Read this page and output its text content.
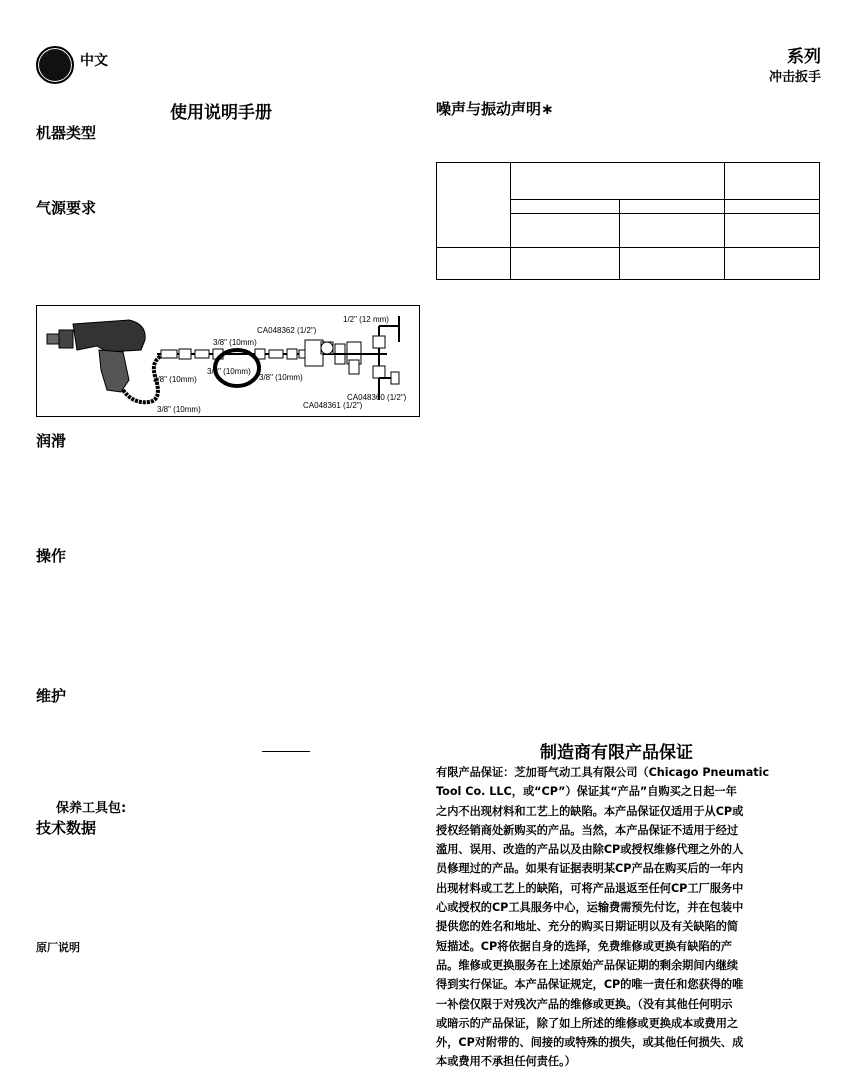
中文	系列
冲击扳手
使用说明手册
机器类型
气源要求
CA048362 (1/2")
1/2" (12 mm)
3/8" (10mm)
3/8" (10mm)
3/8" (10mm)
3/8" (10mm)
CA048360 (1/2")
CA048361 (1/2")
3/8" (10mm)
润滑
操作
维护
保养工具包:
技术数据
原厂说明
噪声与振动声明∗
制造商有限产品保证
有限产品保证：芝加哥气动工具有限公司（Chicago Pneumatic
Tool Co. LLC，或“CP”）保证其“产品”自购买之日起一年
之内不出现材料和工艺上的缺陷。本产品保证仅适用于从CP或
授权经销商处新购买的产品。当然，本产品保证不适用于经过
滥用、误用、改造的产品以及由除CP或授权维修代理之外的人
员修理过的产品。如果有证据表明某CP产品在购买后的一年内
出现材料或工艺上的缺陷，可将产品退返至任何CP工厂服务中
心或授权的CP工具服务中心，运输费需预先付讫，并在包装中
提供您的姓名和地址、充分的购买日期证明以及有关缺陷的简
短描述。CP将依据自身的选择，免费维修或更换有缺陷的产
品。维修或更换服务在上述原始产品保证期的剩余期间内继续
得到实行保证。本产品保证规定，CP的唯一责任和您获得的唯
一补偿仅限于对残次产品的维修或更换。（没有其他任何明示
或暗示的产品保证，除了如上所述的维修或更换成本或费用之
外，CP对附带的、间接的或特殊的损失，或其他任何损失、成
本或费用不承担任何责任。）
